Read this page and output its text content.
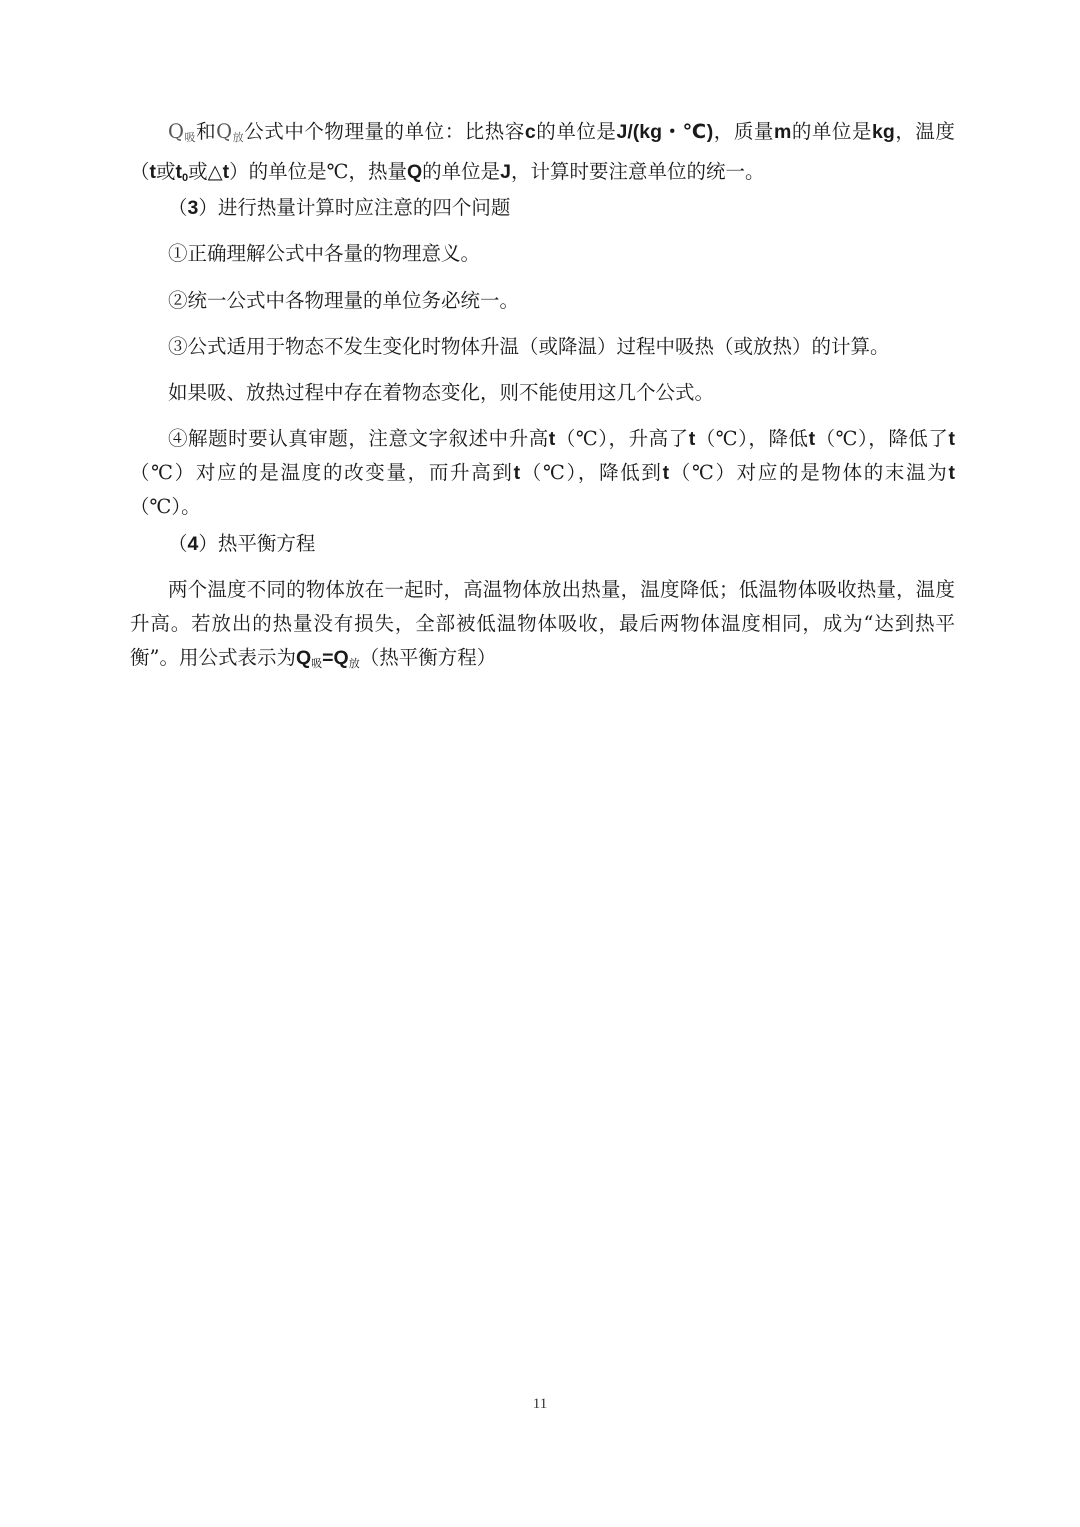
$Q_吸$和$Q_放$公式中个物理量的单位：比热容c的单位是J/(kg・℃)，质量m的单位是kg，温度（t或$t_0$或△t）的单位是℃，热量Q的单位是J，计算时要注意单位的统一。

（3）进行热量计算时应注意的四个问题

①正确理解公式中各量的物理意义。

②统一公式中各物理量的单位务必统一。

③公式适用于物态不发生变化时物体升温（或降温）过程中吸热（或放热）的计算。

如果吸、放热过程中存在着物态变化，则不能使用这几个公式。

④解题时要认真审题，注意文字叙述中升高t（℃），升高了t（℃），降低t（℃），降低了t（℃）对应的是温度的改变量，而升高到t（℃），降低到t（℃）对应的是物体的末温为t（℃）。

（4）热平衡方程

两个温度不同的物体放在一起时，高温物体放出热量，温度降低；低温物体吸收热量，温度升高。若放出的热量没有损失，全部被低温物体吸收，最后两物体温度相同，成为“达到热平衡”。用公式表示为$Q_吸=Q_放$（热平衡方程）

11
